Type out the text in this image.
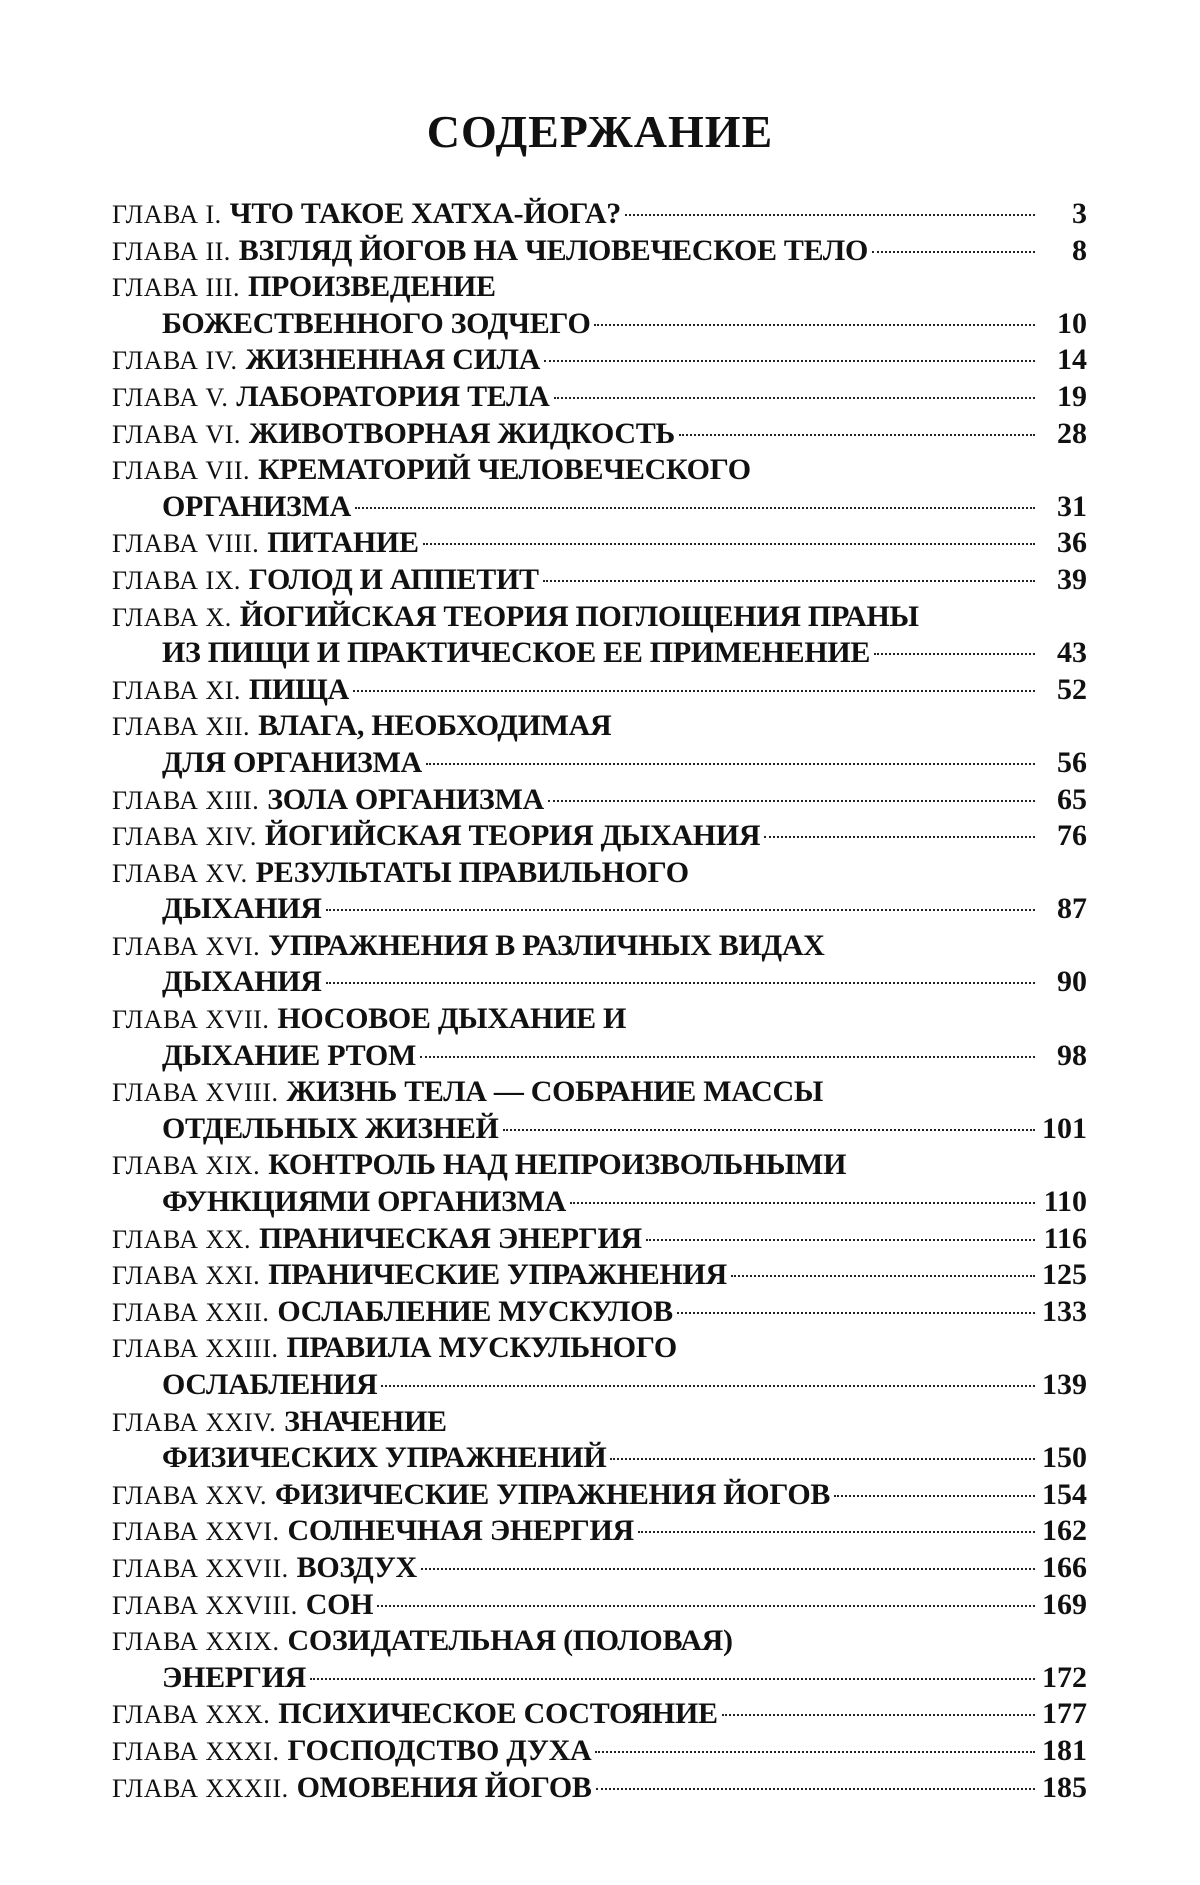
СОДЕРЖАНИЕ
ГЛАВА I. ЧТО ТАКОЕ ХАТХА-ЙОГА?	3
ГЛАВА II. ВЗГЛЯД ЙОГОВ НА ЧЕЛОВЕЧЕСКОЕ ТЕЛО	8
ГЛАВА III. ПРОИЗВЕДЕНИЕ
БОЖЕСТВЕННОГО ЗОДЧЕГО	10
ГЛАВА IV. ЖИЗНЕННАЯ СИЛА	14
ГЛАВА V. ЛАБОРАТОРИЯ ТЕЛА	19
ГЛАВА VI. ЖИВОТВОРНАЯ ЖИДКОСТЬ	28
ГЛАВА VII. КРЕМАТОРИЙ ЧЕЛОВЕЧЕСКОГО
ОРГАНИЗМА	31
ГЛАВА VIII. ПИТАНИЕ	36
ГЛАВА IX. ГОЛОД И АППЕТИТ	39
ГЛАВА X. ЙОГИЙСКАЯ ТЕОРИЯ ПОГЛОЩЕНИЯ ПРАНЫ
ИЗ ПИЩИ И ПРАКТИЧЕСКОЕ ЕЕ ПРИМЕНЕНИЕ	43
ГЛАВА XI. ПИЩА	52
ГЛАВА XII. ВЛАГА, НЕОБХОДИМАЯ
ДЛЯ ОРГАНИЗМА	56
ГЛАВА XIII. ЗОЛА ОРГАНИЗМА	65
ГЛАВА XIV. ЙОГИЙСКАЯ ТЕОРИЯ ДЫХАНИЯ	76
ГЛАВА XV. РЕЗУЛЬТАТЫ ПРАВИЛЬНОГО
ДЫХАНИЯ	87
ГЛАВА XVI. УПРАЖНЕНИЯ В РАЗЛИЧНЫХ ВИДАХ
ДЫХАНИЯ	90
ГЛАВА XVII. НОСОВОЕ ДЫХАНИЕ И
ДЫХАНИЕ РТОМ	98
ГЛАВА XVIII. ЖИЗНЬ ТЕЛА — СОБРАНИЕ МАССЫ
ОТДЕЛЬНЫХ ЖИЗНЕЙ	101
ГЛАВА XIX. КОНТРОЛЬ НАД НЕПРОИЗВОЛЬНЫМИ
ФУНКЦИЯМИ ОРГАНИЗМА	110
ГЛАВА XX. ПРАНИЧЕСКАЯ ЭНЕРГИЯ	116
ГЛАВА XXI. ПРАНИЧЕСКИЕ УПРАЖНЕНИЯ	125
ГЛАВА XXII. ОСЛАБЛЕНИЕ МУСКУЛОВ	133
ГЛАВА XXIII. ПРАВИЛА МУСКУЛЬНОГО
ОСЛАБЛЕНИЯ	139
ГЛАВА XXIV. ЗНАЧЕНИЕ
ФИЗИЧЕСКИХ УПРАЖНЕНИЙ	150
ГЛАВА XXV. ФИЗИЧЕСКИЕ УПРАЖНЕНИЯ ЙОГОВ	154
ГЛАВА XXVI. СОЛНЕЧНАЯ ЭНЕРГИЯ	162
ГЛАВА XXVII. ВОЗДУХ	166
ГЛАВА XXVIII. СОН	169
ГЛАВА XXIX. СОЗИДАТЕЛЬНАЯ (ПОЛОВАЯ)
ЭНЕРГИЯ	172
ГЛАВА XXX. ПСИХИЧЕСКОЕ СОСТОЯНИЕ	177
ГЛАВА XXXI. ГОСПОДСТВО ДУХА	181
ГЛАВА XXXII. ОМОВЕНИЯ ЙОГОВ	185
